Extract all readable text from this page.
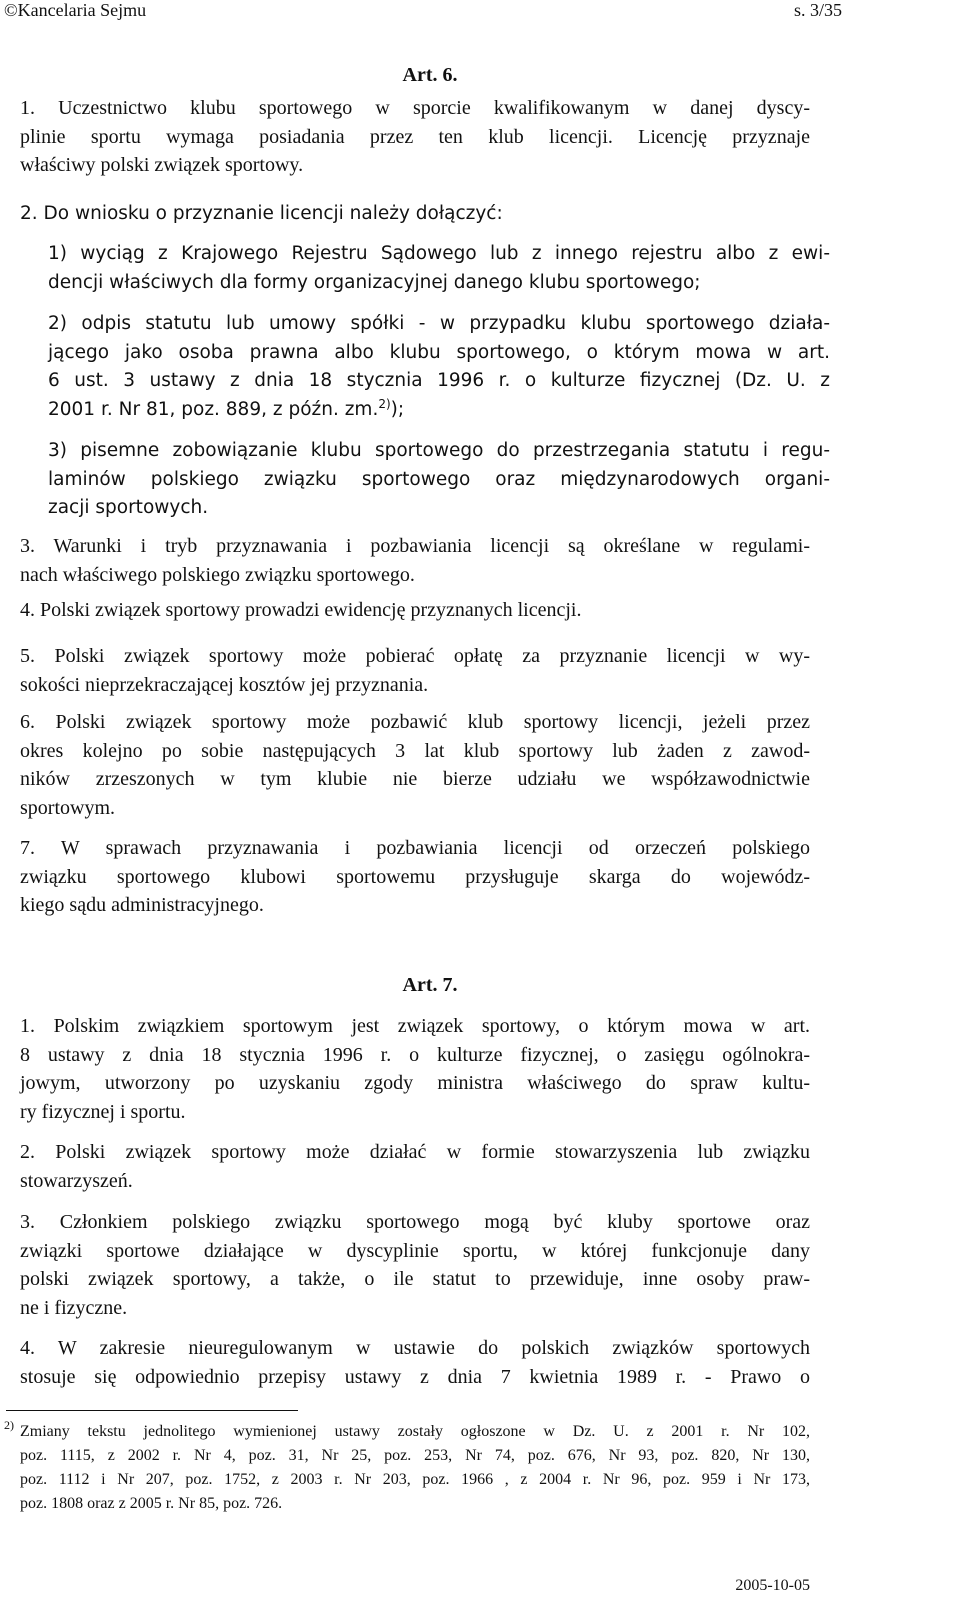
©Kancelaria Sejmu	s. 3/35
Art. 6.
1. Uczestnictwo klubu sportowego w sporcie kwalifikowanym w danej dyscy-
plinie sportu wymaga posiadania przez ten klub licencji. Licencję przyznaje
właściwy polski związek sportowy.
2. Do wniosku o przyznanie licencji należy dołączyć:
1) wyciąg z Krajowego Rejestru Sądowego lub z innego rejestru albo z ewi-
dencji właściwych dla formy organizacyjnej danego klubu sportowego;
2) odpis statutu lub umowy spółki - w przypadku klubu sportowego działa-
jącego jako osoba prawna albo klubu sportowego, o którym mowa w art.
6 ust. 3 ustawy z dnia 18 stycznia 1996 r. o kulturze fizycznej (Dz. U. z
2001 r. Nr 81, poz. 889, z późn. zm.$^{2)}$);
3) pisemne zobowiązanie klubu sportowego do przestrzegania statutu i regu-
laminów polskiego związku sportowego oraz międzynarodowych organi-
zacji sportowych.
3. Warunki i tryb przyznawania i pozbawiania licencji są określane w regulami-
nach właściwego polskiego związku sportowego.
4. Polski związek sportowy prowadzi ewidencję przyznanych licencji.
5. Polski związek sportowy może pobierać opłatę za przyznanie licencji w wy-
sokości nieprzekraczającej kosztów jej przyznania.
6. Polski związek sportowy może pozbawić klub sportowy licencji, jeżeli przez
okres kolejno po sobie następujących 3 lat klub sportowy lub żaden z zawod-
ników zrzeszonych w tym klubie nie bierze udziału we współzawodnictwie
sportowym.
7. W sprawach przyznawania i pozbawiania licencji od orzeczeń polskiego
związku sportowego klubowi sportowemu przysługuje skarga do wojewódz-
kiego sądu administracyjnego.
Art. 7.
1. Polskim związkiem sportowym jest związek sportowy, o którym mowa w art.
8 ustawy z dnia 18 stycznia 1996 r. o kulturze fizycznej, o zasięgu ogólnokra-
jowym, utworzony po uzyskaniu zgody ministra właściwego do spraw kultu-
ry fizycznej i sportu.
2. Polski związek sportowy może działać w formie stowarzyszenia lub związku
stowarzyszeń.
3. Członkiem polskiego związku sportowego mogą być kluby sportowe oraz
związki sportowe działające w dyscyplinie sportu, w której funkcjonuje dany
polski związek sportowy, a także, o ile statut to przewiduje, inne osoby praw-
ne i fizyczne.
4. W zakresie nieuregulowanym w ustawie do polskich związków sportowych
stosuje się odpowiednio przepisy ustawy z dnia 7 kwietnia 1989 r. - Prawo o
2) Zmiany tekstu jednolitego wymienionej ustawy zostały ogłoszone w Dz. U. z 2001 r. Nr 102,
poz. 1115, z 2002 r. Nr 4, poz. 31, Nr 25, poz. 253, Nr 74, poz. 676, Nr 93, poz. 820, Nr 130,
poz. 1112 i Nr 207, poz. 1752, z 2003 r. Nr 203, poz. 1966 , z 2004 r. Nr 96, poz. 959 i Nr 173,
poz. 1808 oraz z 2005 r. Nr 85, poz. 726.
2005-10-05
